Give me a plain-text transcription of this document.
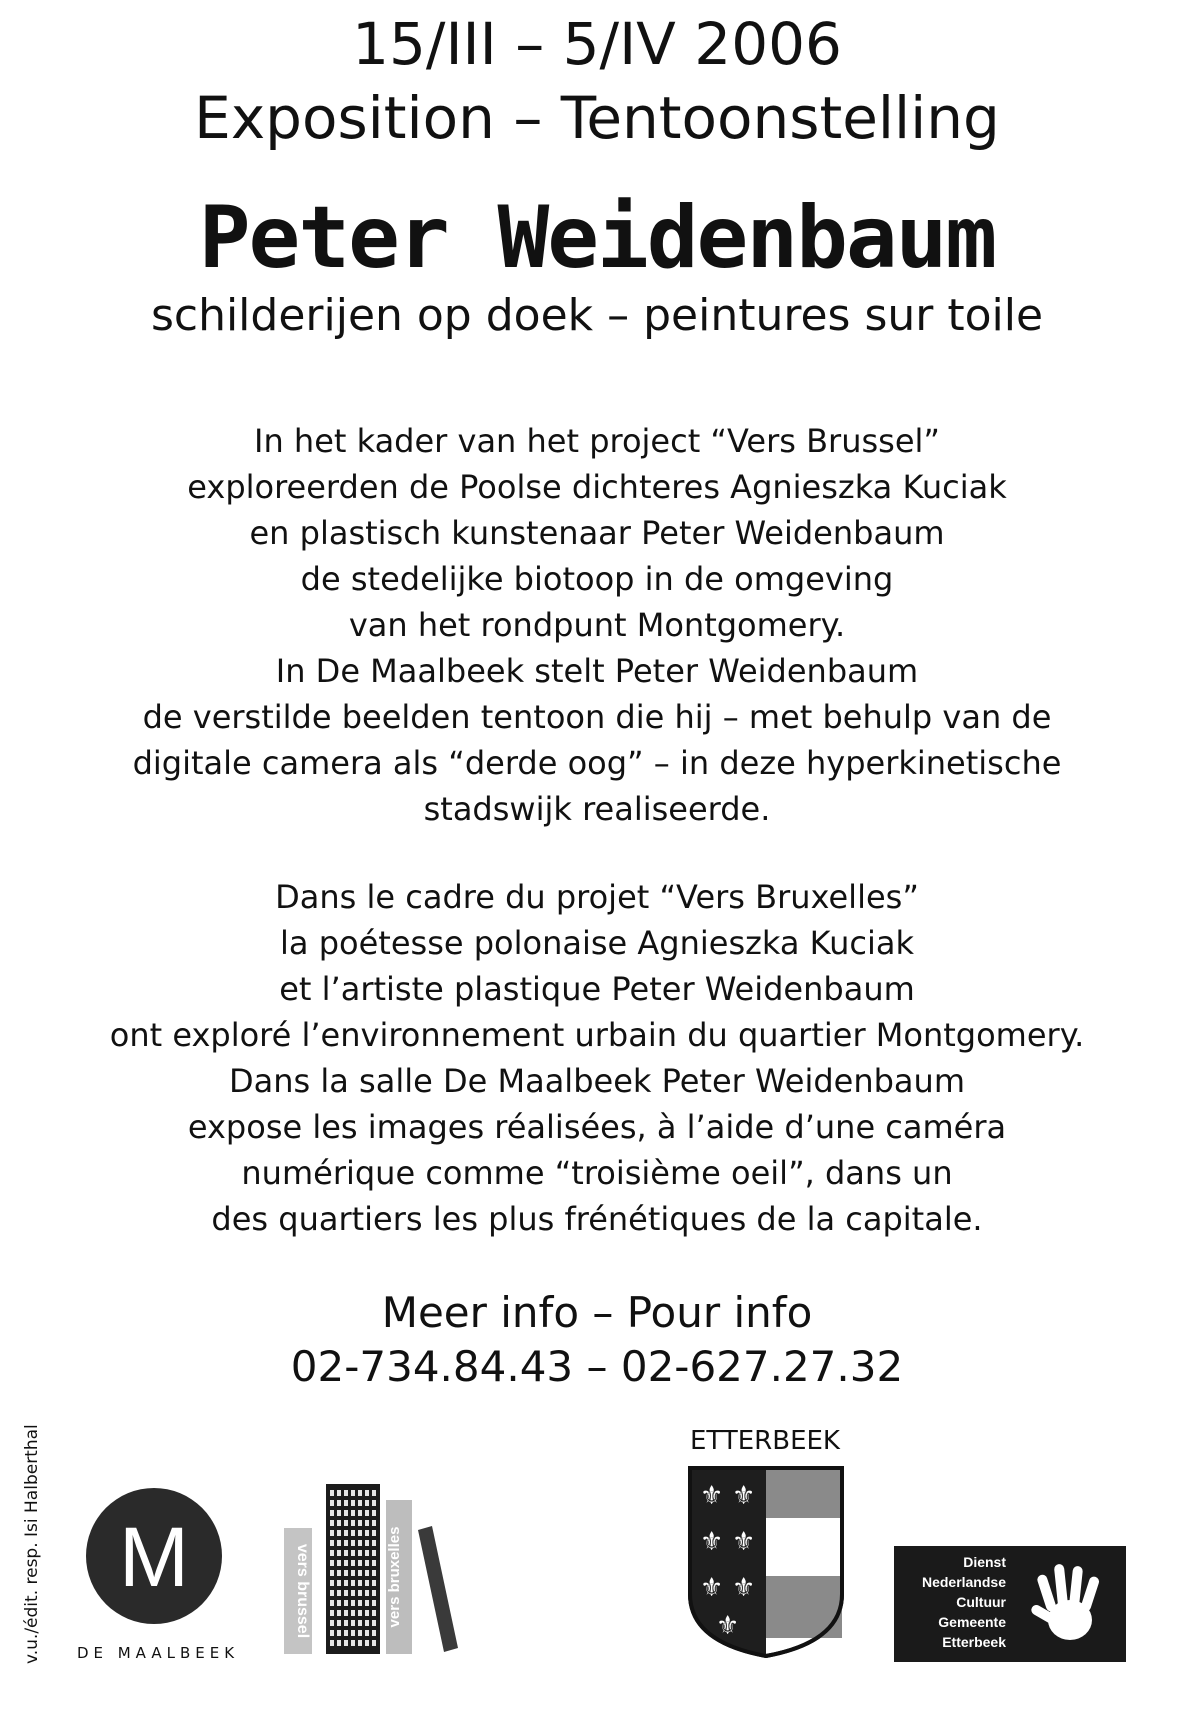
15/III – 5/IV 2006
Exposition – Tentoonstelling
Peter Weidenbaum
schilderijen op doek – peintures sur toile
In het kader van het project “Vers Brussel”
exploreerden de Poolse dichteres Agnieszka Kuciak
en plastisch kunstenaar Peter Weidenbaum
de stedelijke biotoop in de omgeving
van het rondpunt Montgomery.
In De Maalbeek stelt Peter Weidenbaum
de verstilde beelden tentoon die hij – met behulp van de
digitale camera als “derde oog” – in deze hyperkinetische
stadswijk realiseerde.
Dans le cadre du projet “Vers Bruxelles”
la poétesse polonaise Agnieszka Kuciak
et l’artiste plastique Peter Weidenbaum
ont exploré l’environnement urbain du quartier Montgomery.
Dans la salle De Maalbeek Peter Weidenbaum
expose les images réalisées, à l’aide d’une caméra
numérique comme “troisième oeil”, dans un
des quartiers les plus frénétiques de la capitale.
Meer info – Pour info
02-734.84.43 – 02-627.27.32
v.u./édit. resp. Isi Halberthal M
DE MAALBEEK
vers brussel	vers bruxelles
ETTERBEEK
⚜ ⚜
⚜ ⚜
⚜ ⚜
⚜
Dienst
Nederlandse
Cultuur
Gemeente
Etterbeek
